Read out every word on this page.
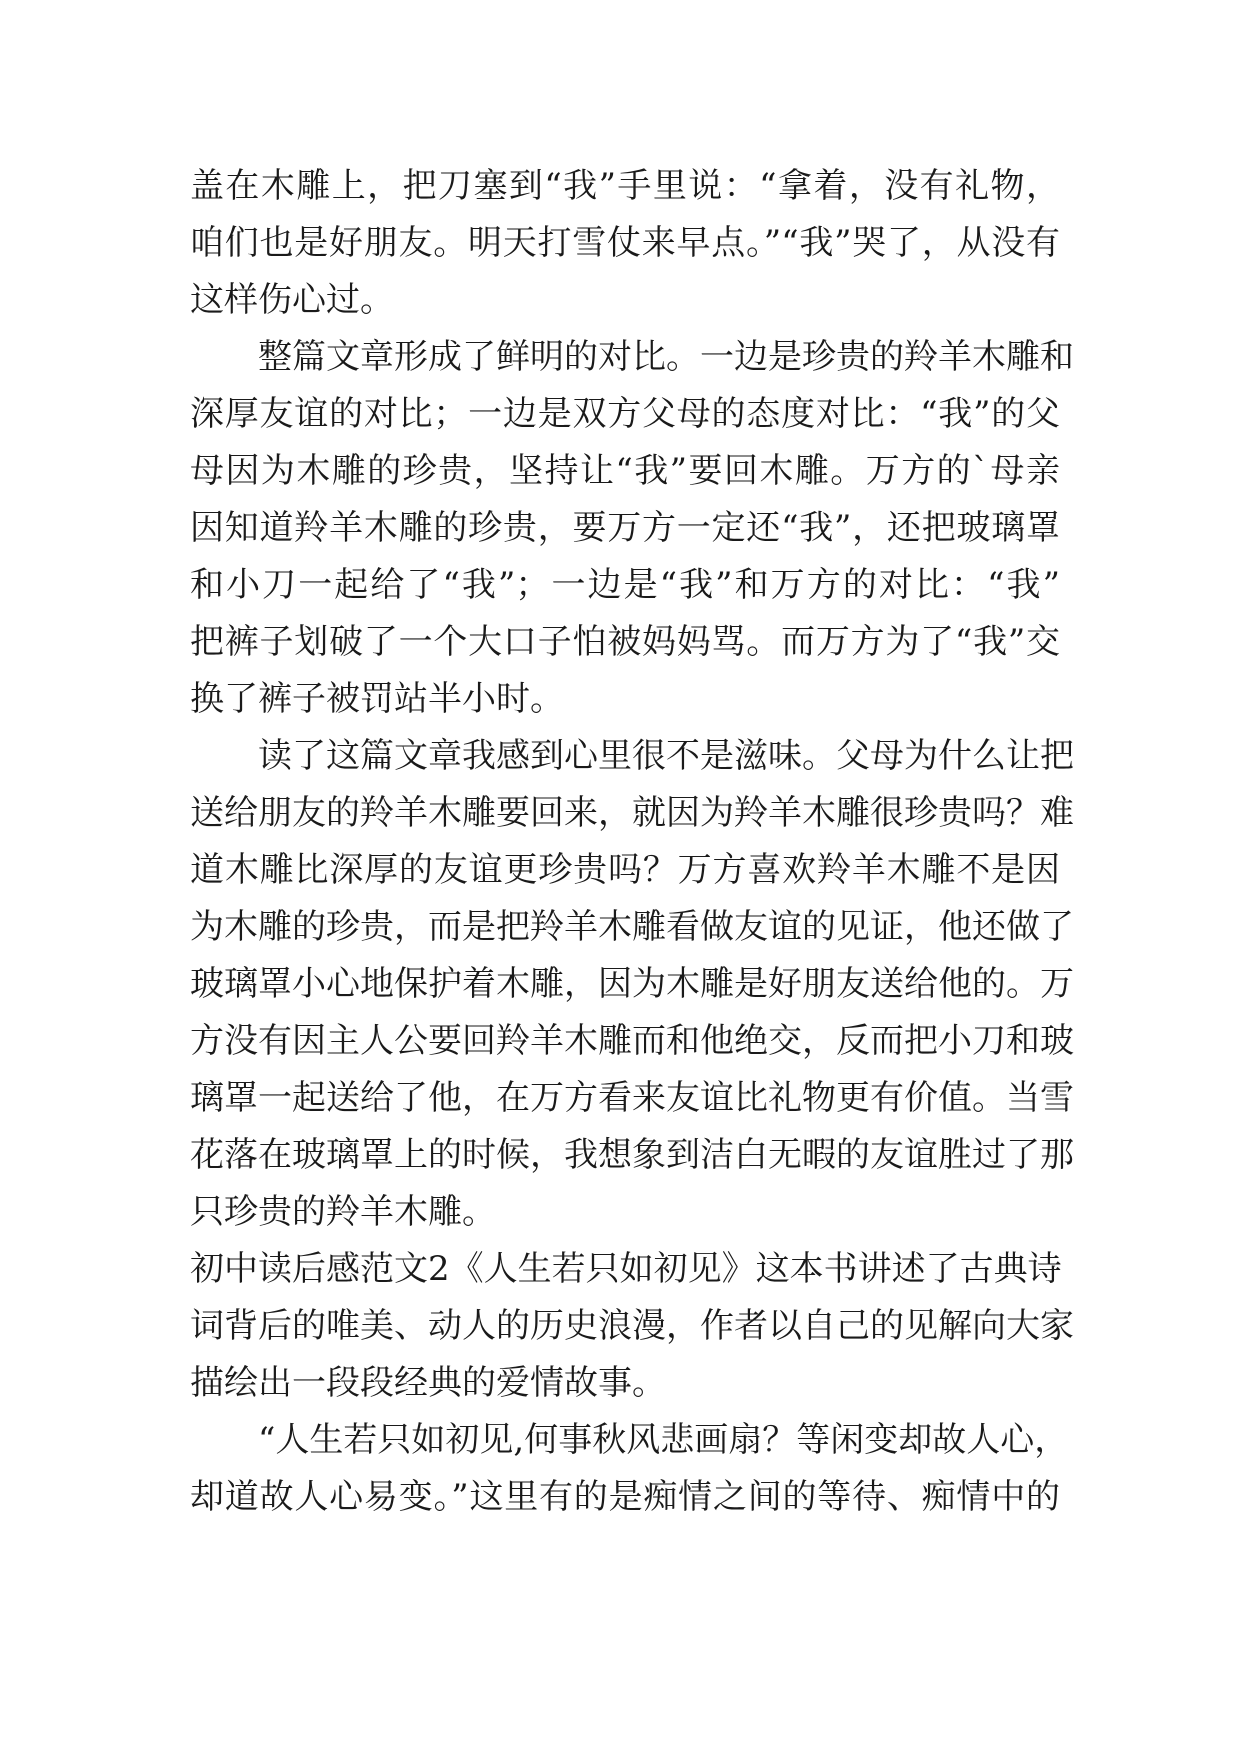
盖在木雕上，把刀塞到“我”手里说：“拿着，没有礼物，
咱们也是好朋友。明天打雪仗来早点。”“我”哭了，从没有
这样伤心过。
整篇文章形成了鲜明的对比。一边是珍贵的羚羊木雕和
深厚友谊的对比；一边是双方父母的态度对比：“我”的父
母因为木雕的珍贵，坚持让“我”要回木雕。万方的`母亲
因知道羚羊木雕的珍贵，要万方一定还“我”，还把玻璃罩
和小刀一起给了“我”；一边是“我”和万方的对比：“我”
把裤子划破了一个大口子怕被妈妈骂。而万方为了“我”交
换了裤子被罚站半小时。
读了这篇文章我感到心里很不是滋味。父母为什么让把
送给朋友的羚羊木雕要回来，就因为羚羊木雕很珍贵吗？难
道木雕比深厚的友谊更珍贵吗？万方喜欢羚羊木雕不是因
为木雕的珍贵，而是把羚羊木雕看做友谊的见证，他还做了
玻璃罩小心地保护着木雕，因为木雕是好朋友送给他的。万
方没有因主人公要回羚羊木雕而和他绝交，反而把小刀和玻
璃罩一起送给了他，在万方看来友谊比礼物更有价值。当雪
花落在玻璃罩上的时候，我想象到洁白无暇的友谊胜过了那
只珍贵的羚羊木雕。
初中读后感范文2《人生若只如初见》这本书讲述了古典诗
词背后的唯美、动人的历史浪漫，作者以自己的见解向大家
描绘出一段段经典的爱情故事。
“人生若只如初见,何事秋风悲画扇？等闲变却故人心，
却道故人心易变。”这里有的是痴情之间的等待、痴情中的
